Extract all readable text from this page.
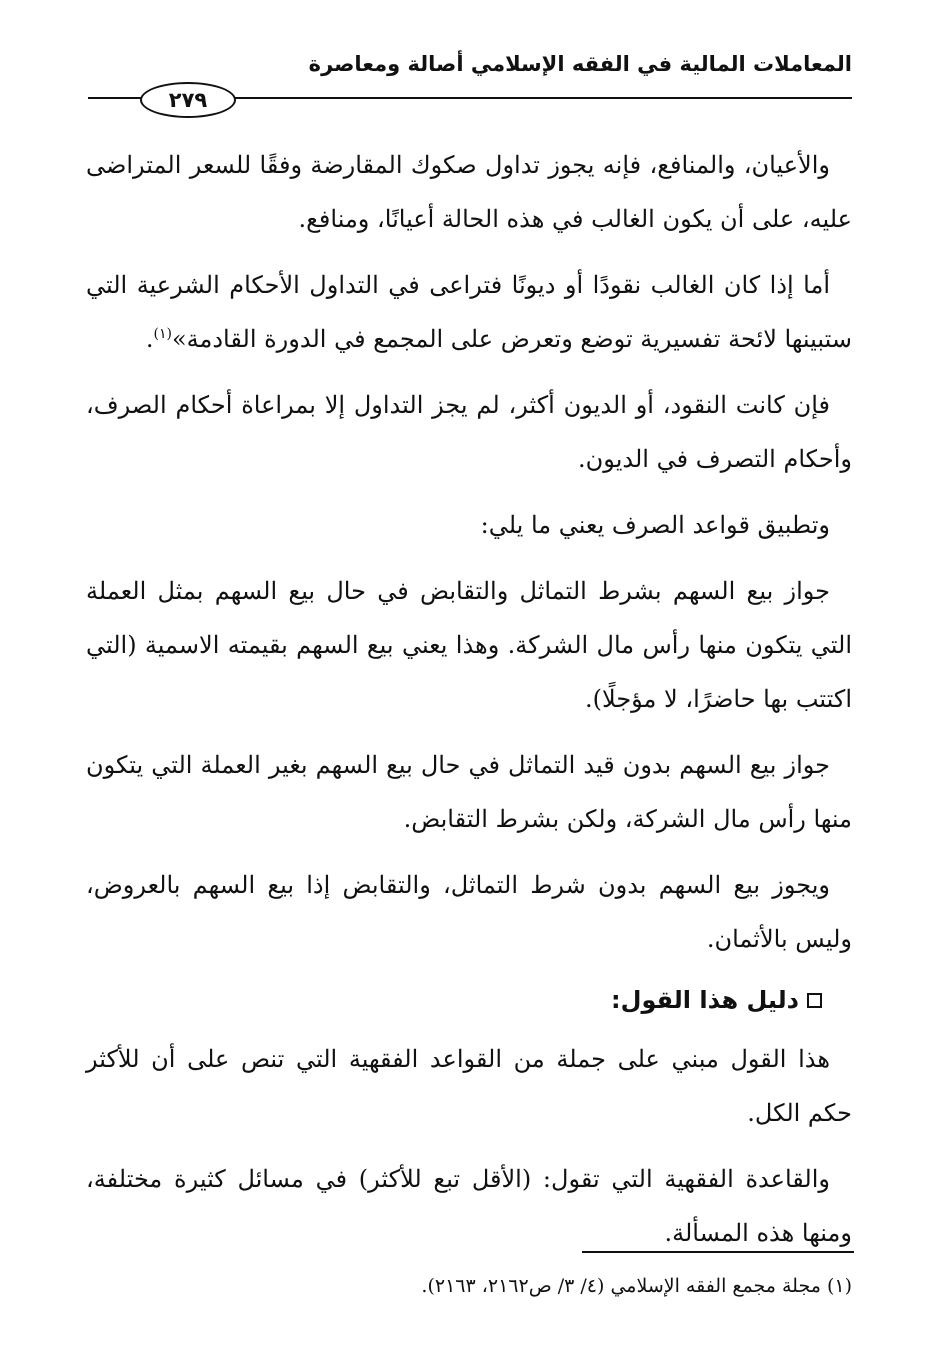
المعاملات المالية في الفقه الإسلامي أصالة ومعاصرة
٢٧٩

والأعيان، والمنافع، فإنه يجوز تداول صكوك المقارضة وفقًا للسعر المتراضى عليه، على أن يكون الغالب في هذه الحالة أعيانًا، ومنافع.

أما إذا كان الغالب نقودًا أو ديونًا فتراعى في التداول الأحكام الشرعية التي ستبينها لائحة تفسيرية توضع وتعرض على المجمع في الدورة القادمة»$^{(١)}$.

فإن كانت النقود، أو الديون أكثر، لم يجز التداول إلا بمراعاة أحكام الصرف، وأحكام التصرف في الديون.

وتطبيق قواعد الصرف يعني ما يلي:

جواز بيع السهم بشرط التماثل والتقابض في حال بيع السهم بمثل العملة التي يتكون منها رأس مال الشركة. وهذا يعني بيع السهم بقيمته الاسمية (التي اكتتب بها حاضرًا، لا مؤجلًا).

جواز بيع السهم بدون قيد التماثل في حال بيع السهم بغير العملة التي يتكون منها رأس مال الشركة، ولكن بشرط التقابض.

ويجوز بيع السهم بدون شرط التماثل، والتقابض إذا بيع السهم بالعروض، وليس بالأثمان.

دليل هذا القول:

هذا القول مبني على جملة من القواعد الفقهية التي تنص على أن للأكثر حكم الكل.

والقاعدة الفقهية التي تقول: (الأقل تبع للأكثر) في مسائل كثيرة مختلفة، ومنها هذه المسألة.

(١) مجلة مجمع الفقه الإسلامي (٤/ ٣/ ص٢١٦٢، ٢١٦٣).
